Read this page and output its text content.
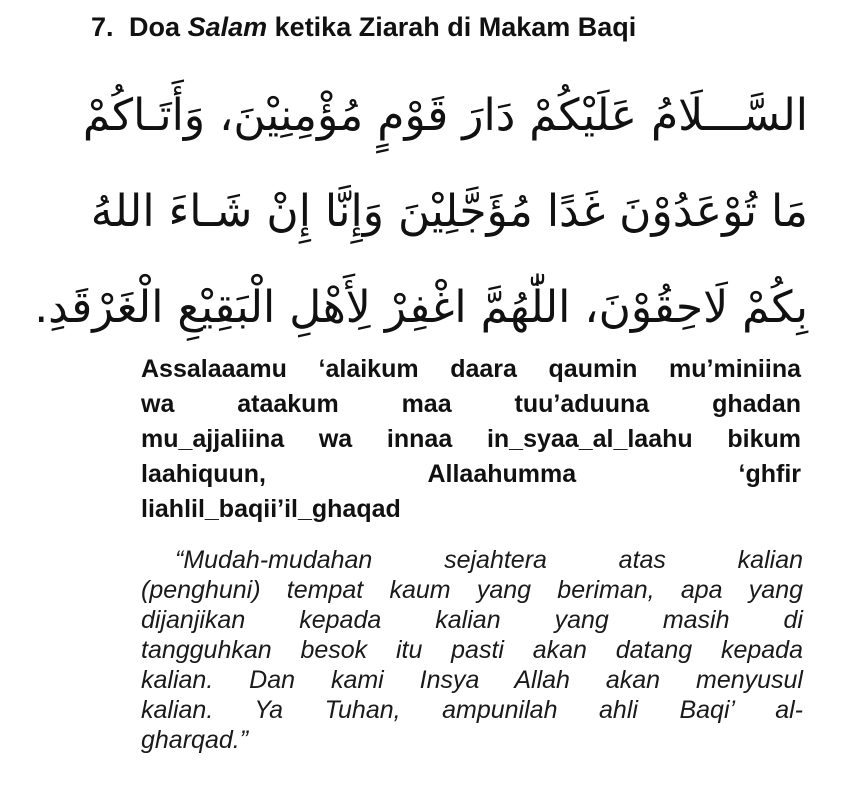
7. Doa Salam ketika Ziarah di Makam Baqi
السَّـــلَامُ عَلَيْكُمْ دَارَ قَوْمٍ مُؤْمِنِيْنَ، وَأَتَـاكُمْ
مَا تُوْعَدُوْنَ غَدًا مُؤَجَّلِيْنَ وَإِنَّا إِنْ شَـاءَ اللهُ
بِكُمْ لَاحِقُوْنَ، اللّٰهُمَّ اغْفِرْ لِأَهْلِ الْبَقِيْعِ الْغَرْقَدِ.
Assalaaamu ‘alaikum daara qaumin mu’miniina
wa ataakum maa tuu’aduuna ghadan
mu_ajjaliina wa innaa in_syaa_al_laahu bikum
laahiquun, Allaahumma ‘ghfir
liahlil_baqii’il_ghaqad
“Mudah-mudahan sejahtera atas kalian
(penghuni) tempat kaum yang beriman, apa yang
dijanjikan kepada kalian yang masih di
tangguhkan besok itu pasti akan datang kepada
kalian. Dan kami Insya Allah akan menyusul
kalian. Ya Tuhan, ampunilah ahli Baqi’ al-
gharqad.”
